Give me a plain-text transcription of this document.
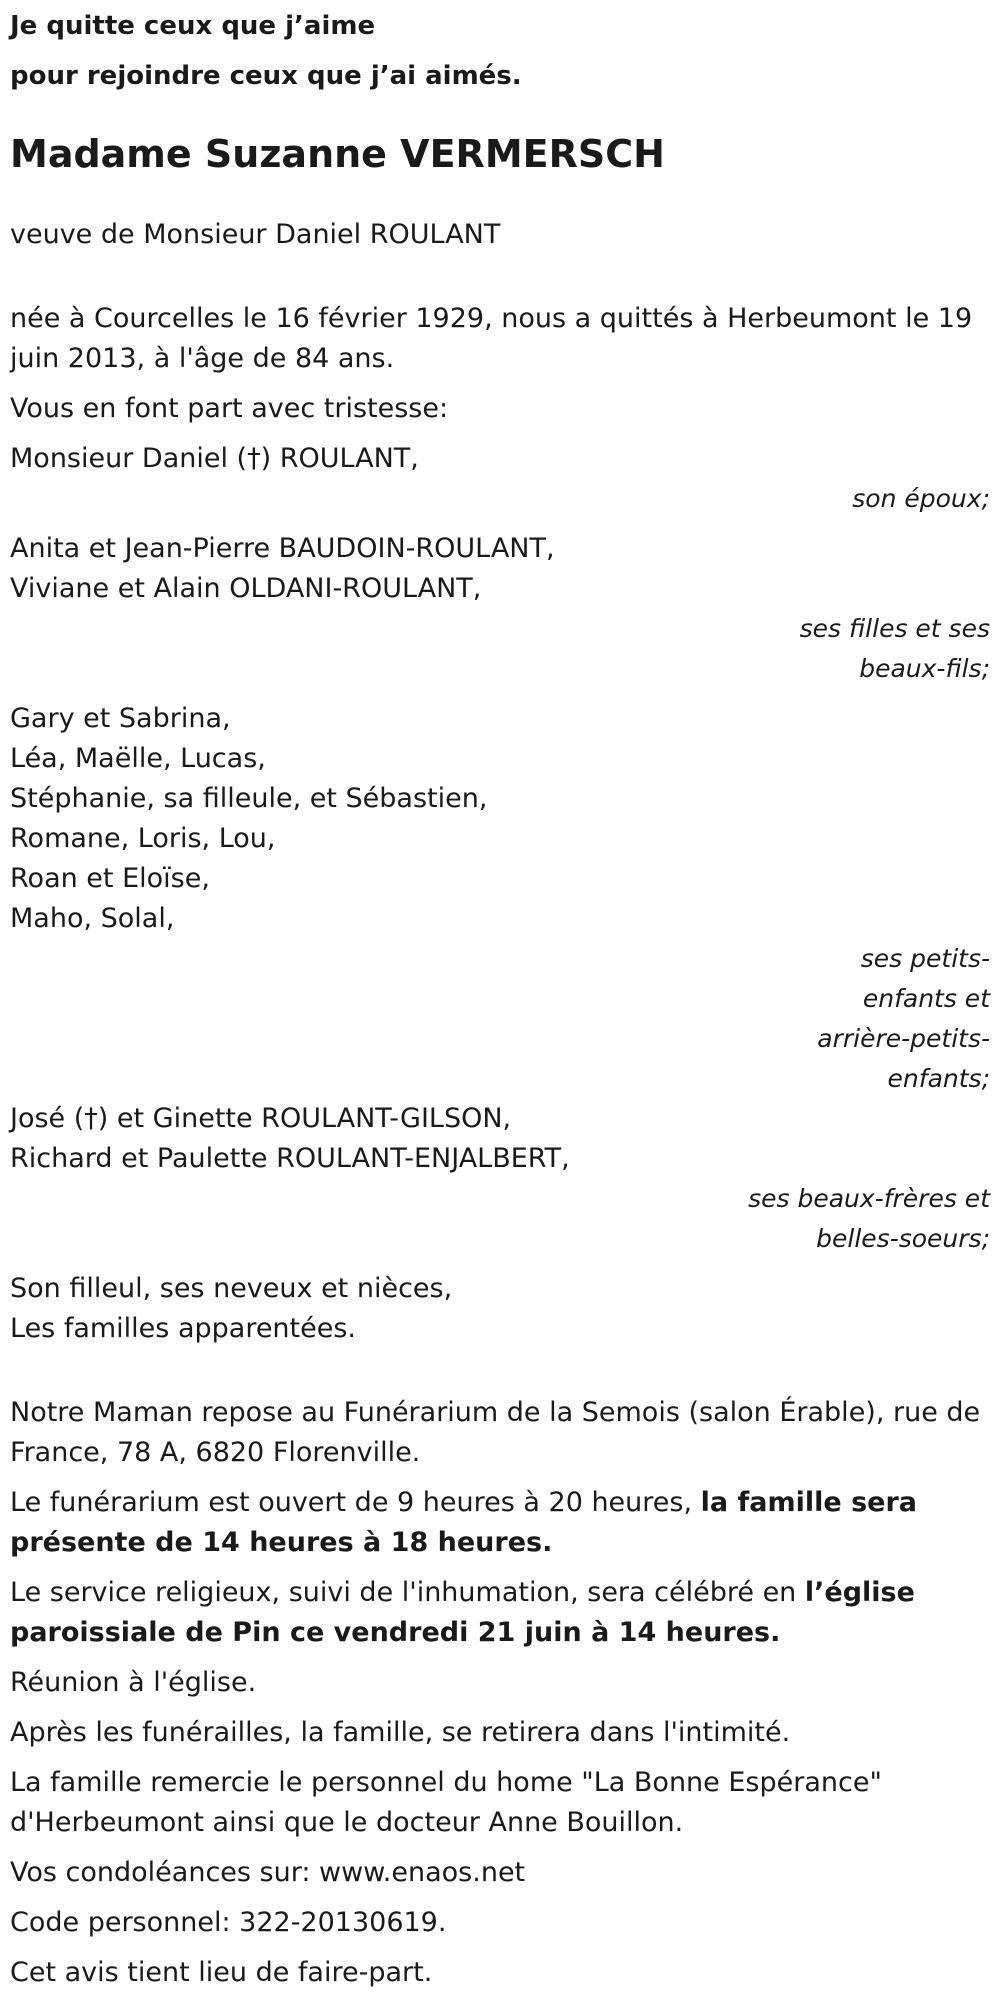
Je quitte ceux que j’aime
pour rejoindre ceux que j’ai aimés.
Madame Suzanne VERMERSCH

veuve de Monsieur Daniel ROULANT

née à Courcelles le 16 février 1929, nous a quittés à Herbeumont le 19 juin 2013, à l'âge de 84 ans.

Vous en font part avec tristesse:

Monsieur Daniel (†) ROULANT,
son époux;
Anita et Jean-Pierre BAUDOIN-ROULANT,
Viviane et Alain OLDANI-ROULANT,
ses filles et ses beaux-fils;
Gary et Sabrina,
Léa, Maëlle, Lucas,
Stéphanie, sa filleule, et Sébastien,
Romane, Loris, Lou,
Roan et Eloïse,
Maho, Solal,
ses petits-enfants et arrière-petits-enfants;
José (†) et Ginette ROULANT-GILSON,
Richard et Paulette ROULANT-ENJALBERT,
ses beaux-frères et belles-soeurs;
Son filleul, ses neveux et nièces,
Les familles apparentées.

Notre Maman repose au Funérarium de la Semois (salon Érable), rue de France, 78 A, 6820 Florenville.

Le funérarium est ouvert de 9 heures à 20 heures, la famille sera présente de 14 heures à 18 heures.

Le service religieux, suivi de l'inhumation, sera célébré en l’église paroissiale de Pin ce vendredi 21 juin à 14 heures.

Réunion à l'église.

Après les funérailles, la famille, se retirera dans l'intimité.

La famille remercie le personnel du home "La Bonne Espérance" d'Herbeumont ainsi que le docteur Anne Bouillon.

Vos condoléances sur: www.enaos.net

Code personnel: 322-20130619.

Cet avis tient lieu de faire-part.
